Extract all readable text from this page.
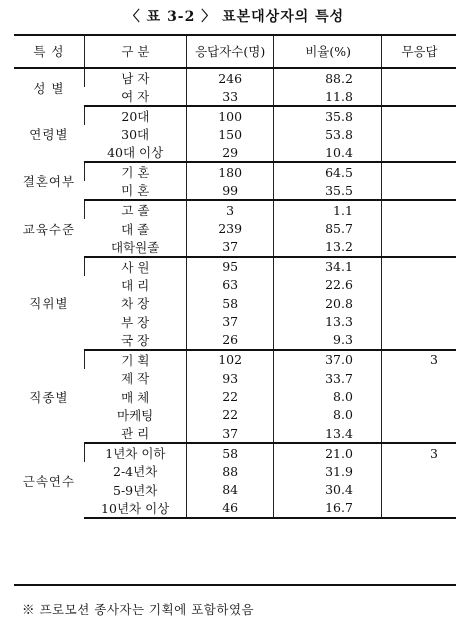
〈 표 3-2 〉 표본대상자의 특성
특 성	구 분	응답자수(명)	비율(%)	무응답
성 별	남 자	246	88.2	
	여 자	33	11.8	
연령별	20대	100	35.8	
	30대	150	53.8	
	40대 이상	29	10.4	
결혼여부	기 혼	180	64.5	
	미 혼	99	35.5	
교육수준	고 졸	3	1.1	
	대 졸	239	85.7	
	대학원졸	37	13.2	
직위별	사 원	95	34.1	
	대 리	63	22.6	
	차 장	58	20.8	
	부 장	37	13.3	
	국 장	26	9.3	
직종별	기 획	102	37.0	3
	제 작	93	33.7	
	매 체	22	8.0	
	마케팅	22	8.0	
	관 리	37	13.4	
근속연수	1년차 이하	58	21.0	3
	2-4년차	88	31.9	
	5-9년차	84	30.4	
	10년차 이상	46	16.7	
※ 프로모션 종사자는 기획에 포함하였음
